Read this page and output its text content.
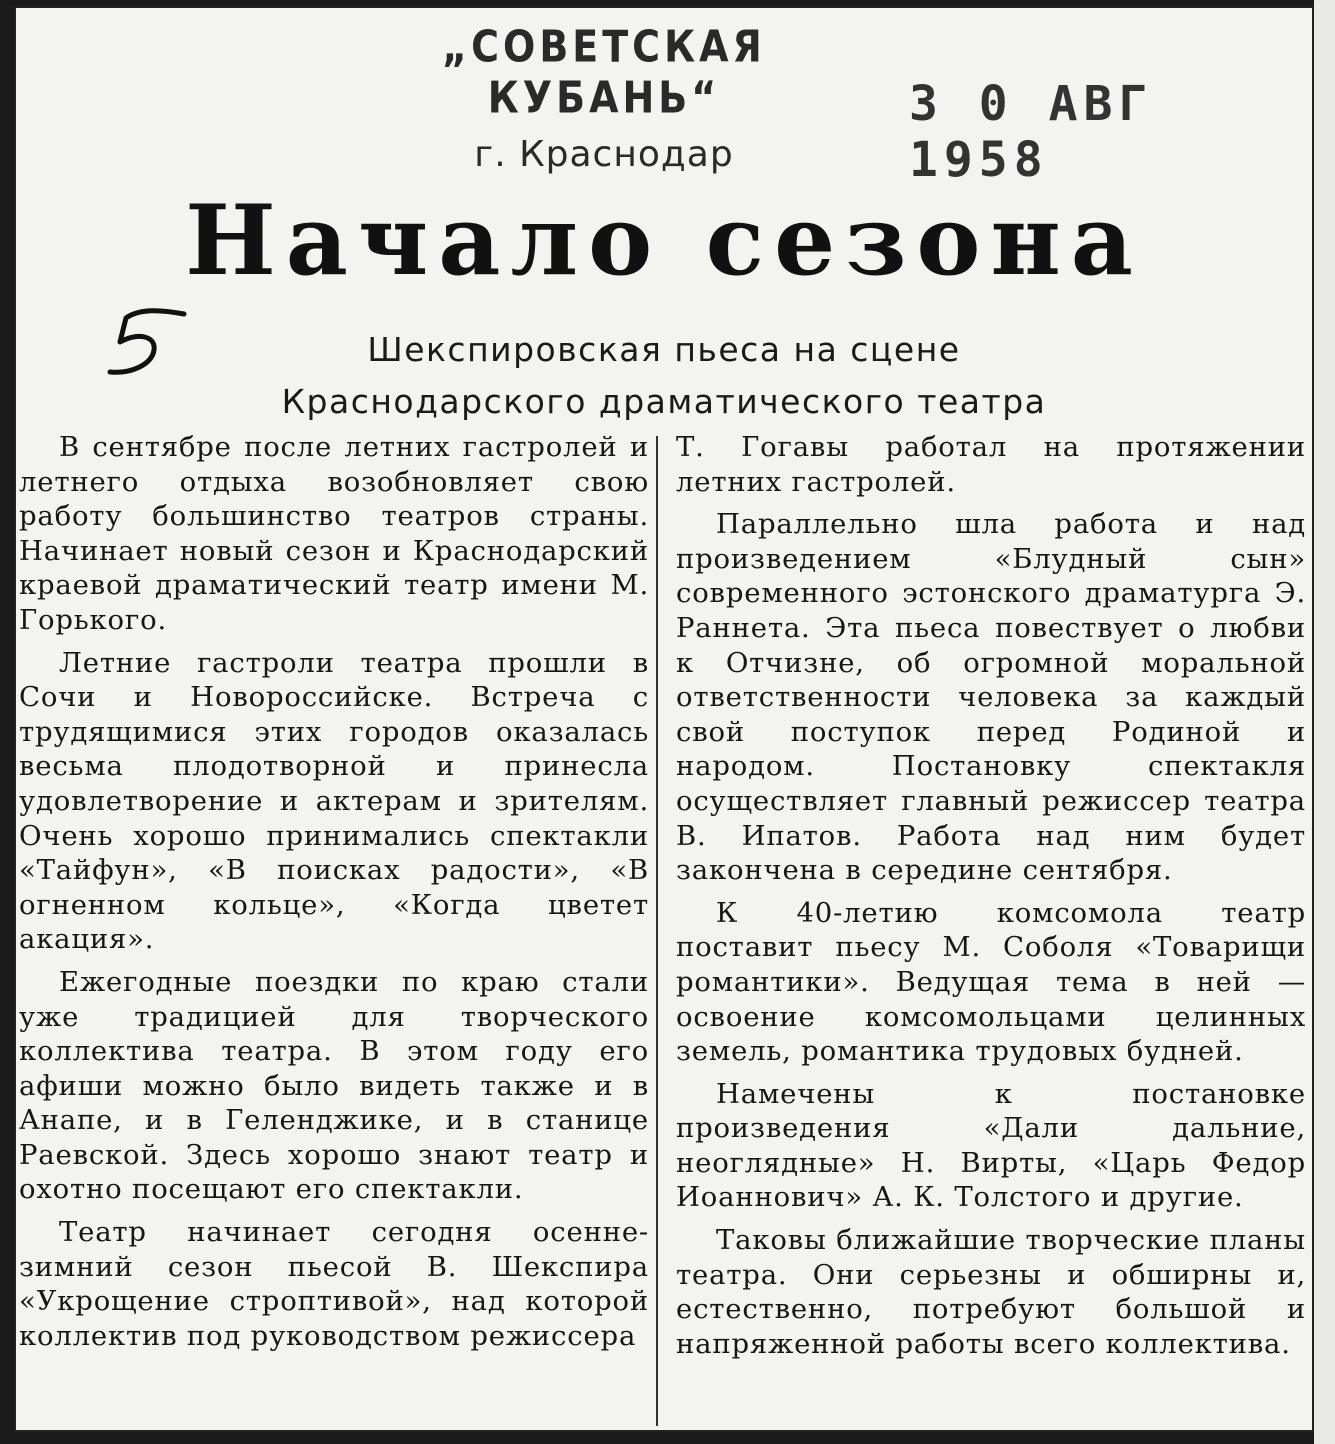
„СОВЕТСКАЯ КУБАНЬ“
г. Краснодар
3 0 АВГ 1958
Начало сезона
Шекспировская пьеса на сцене
Краснодарского драматического театра

В сентябре после летних гастролей и летнего отдыха возобновляет свою работу большинство театров страны. Начинает новый сезон и Краснодарский краевой драматический театр имени М. Горького.

Летние гастроли театра прошли в Сочи и Новороссийске. Встреча с трудящимися этих городов оказалась весьма плодотворной и принесла удовлетворение и актерам и зрителям. Очень хорошо принимались спектакли «Тайфун», «В поисках радости», «В огненном кольце», «Когда цветет акация».

Ежегодные поездки по краю стали уже традицией для творческого коллектива театра. В этом году его афиши можно было видеть также и в Анапе, и в Геленджике, и в станице Раевской. Здесь хорошо знают театр и охотно посещают его спектакли.

Театр начинает сегодня осенне-зимний сезон пьесой В. Шекспира «Укрощение строптивой», над которой коллектив под руководством режиссера

Т. Гогавы работал на протяжении летних гастролей.

Параллельно шла работа и над произведением «Блудный сын» современного эстонского драматурга Э. Раннета. Эта пьеса повествует о любви к Отчизне, об огромной моральной ответственности человека за каждый свой поступок перед Родиной и народом. Постановку спектакля осуществляет главный режиссер театра В. Ипатов. Работа над ним будет закончена в середине сентября.

К 40-летию комсомола театр поставит пьесу М. Соболя «Товарищи романтики». Ведущая тема в ней — освоение комсомольцами целинных земель, романтика трудовых будней.

Намечены к постановке произведения «Дали дальние, неоглядные» Н. Вирты, «Царь Федор Иоаннович» А. К. Толстого и другие.

Таковы ближайшие творческие планы театра. Они серьезны и обширны и, естественно, потребуют большой и напряженной работы всего коллектива.
